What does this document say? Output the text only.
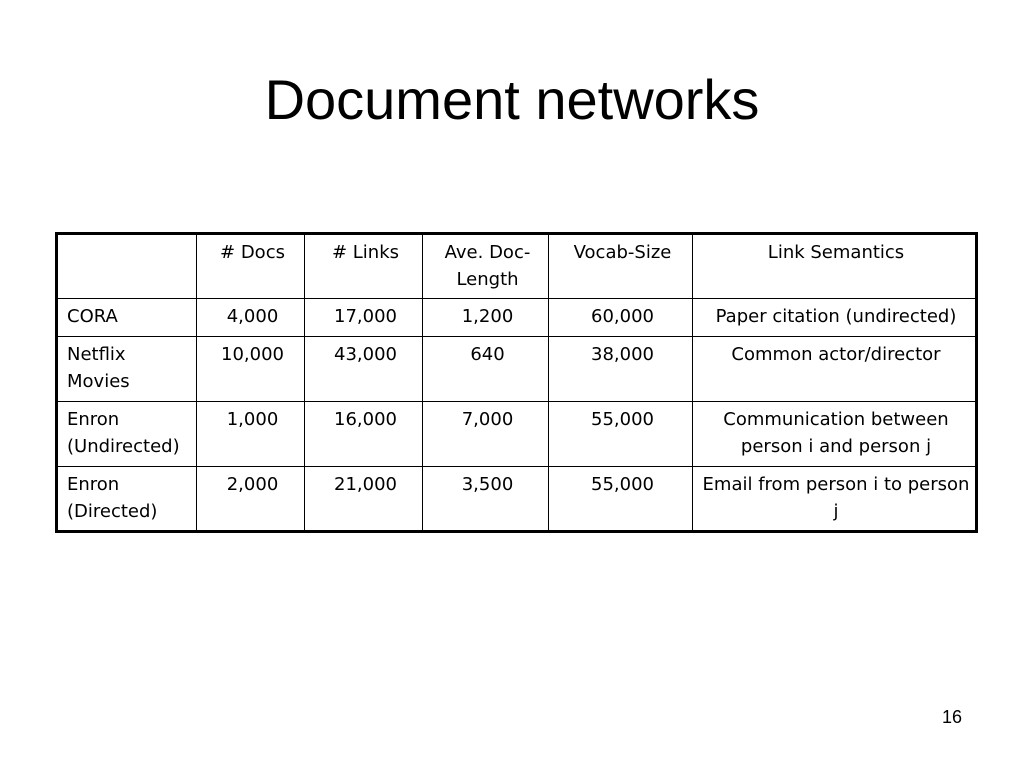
Document networks
	# Docs	# Links	Ave. Doc-Length	Vocab-Size	Link Semantics
CORA	4,000	17,000	1,200	60,000	Paper citation (undirected)
Netflix Movies	10,000	43,000	640	38,000	Common actor/director
Enron (Undirected)	1,000	16,000	7,000	55,000	Communication between person i and person j
Enron (Directed)	2,000	21,000	3,500	55,000	Email from person i to person j
16
